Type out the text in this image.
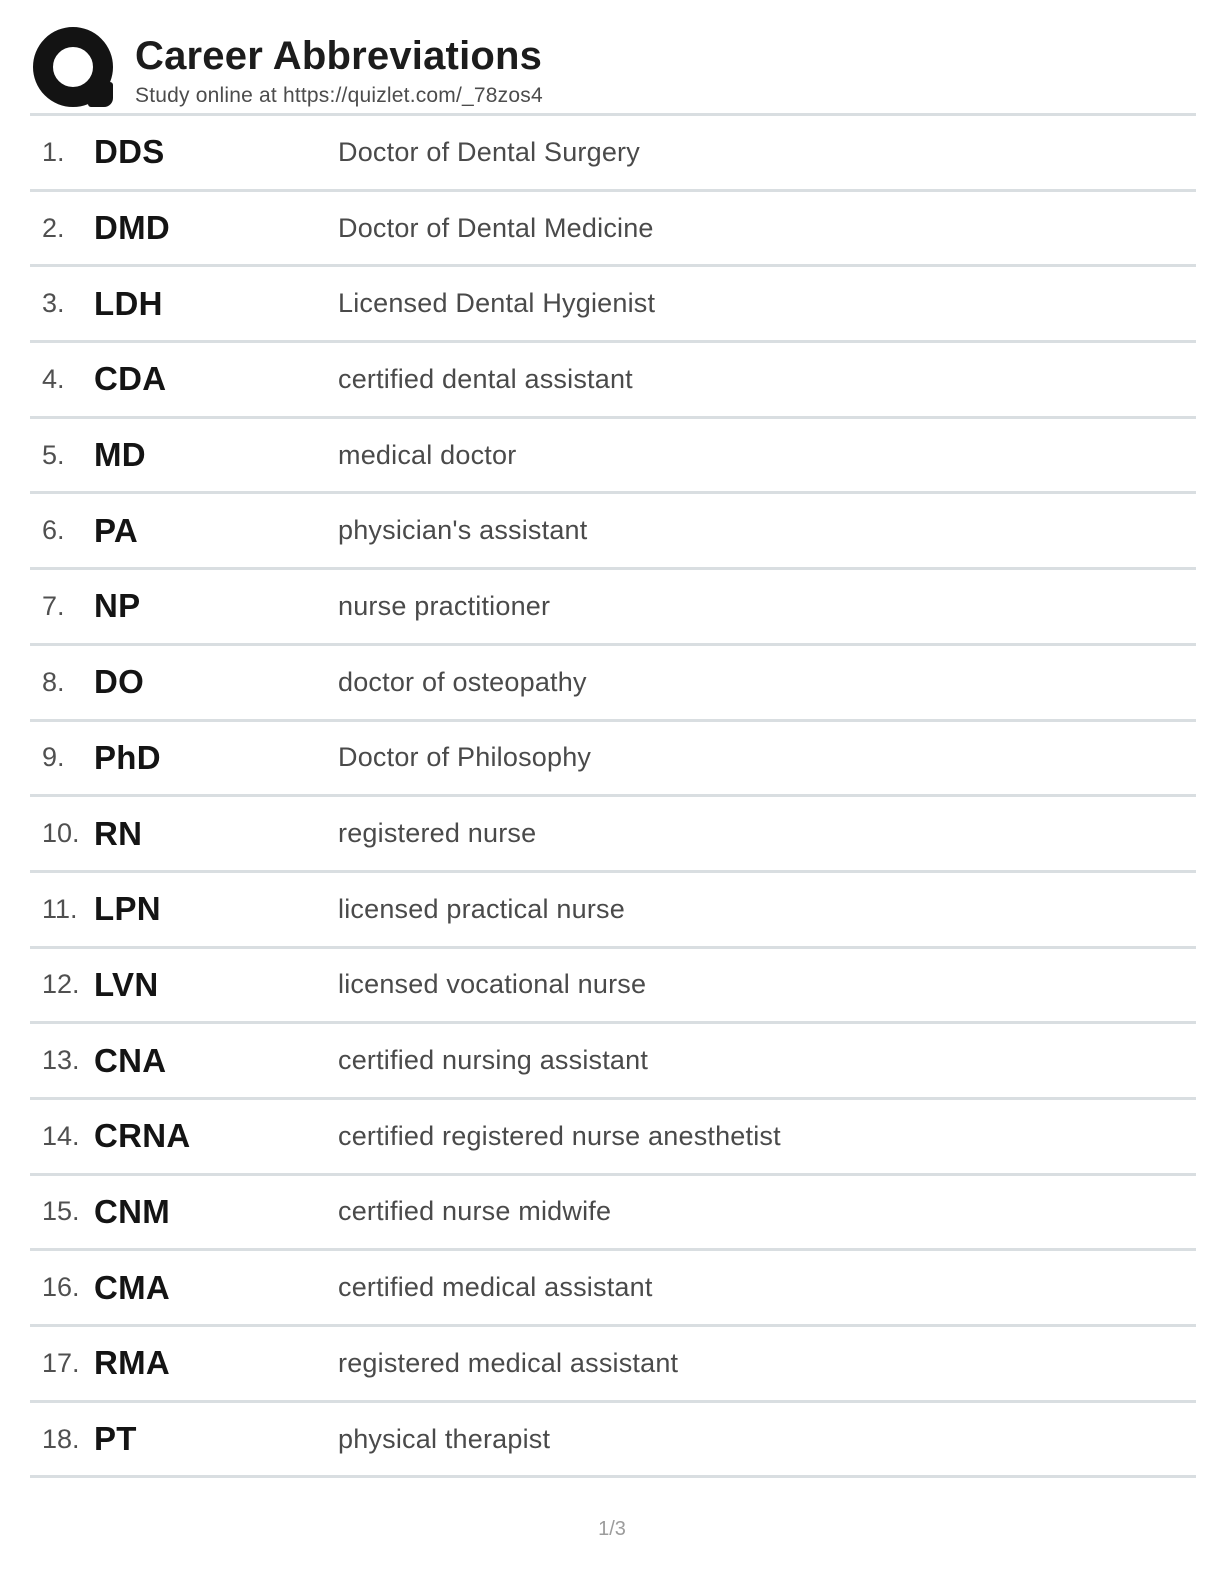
Career Abbreviations
Study online at https://quizlet.com/_78zos4
1. DDS	Doctor of Dental Surgery
2. DMD	Doctor of Dental Medicine
3. LDH	Licensed Dental Hygienist
4. CDA	certified dental assistant
5. MD	medical doctor
6. PA	physician's assistant
7. NP	nurse practitioner
8. DO	doctor of osteopathy
9. PhD	Doctor of Philosophy
10. RN	registered nurse
11. LPN	licensed practical nurse
12. LVN	licensed vocational nurse
13. CNA	certified nursing assistant
14. CRNA	certified registered nurse anesthetist
15. CNM	certified nurse midwife
16. CMA	certified medical assistant
17. RMA	registered medical assistant
18. PT	physical therapist
1/3
